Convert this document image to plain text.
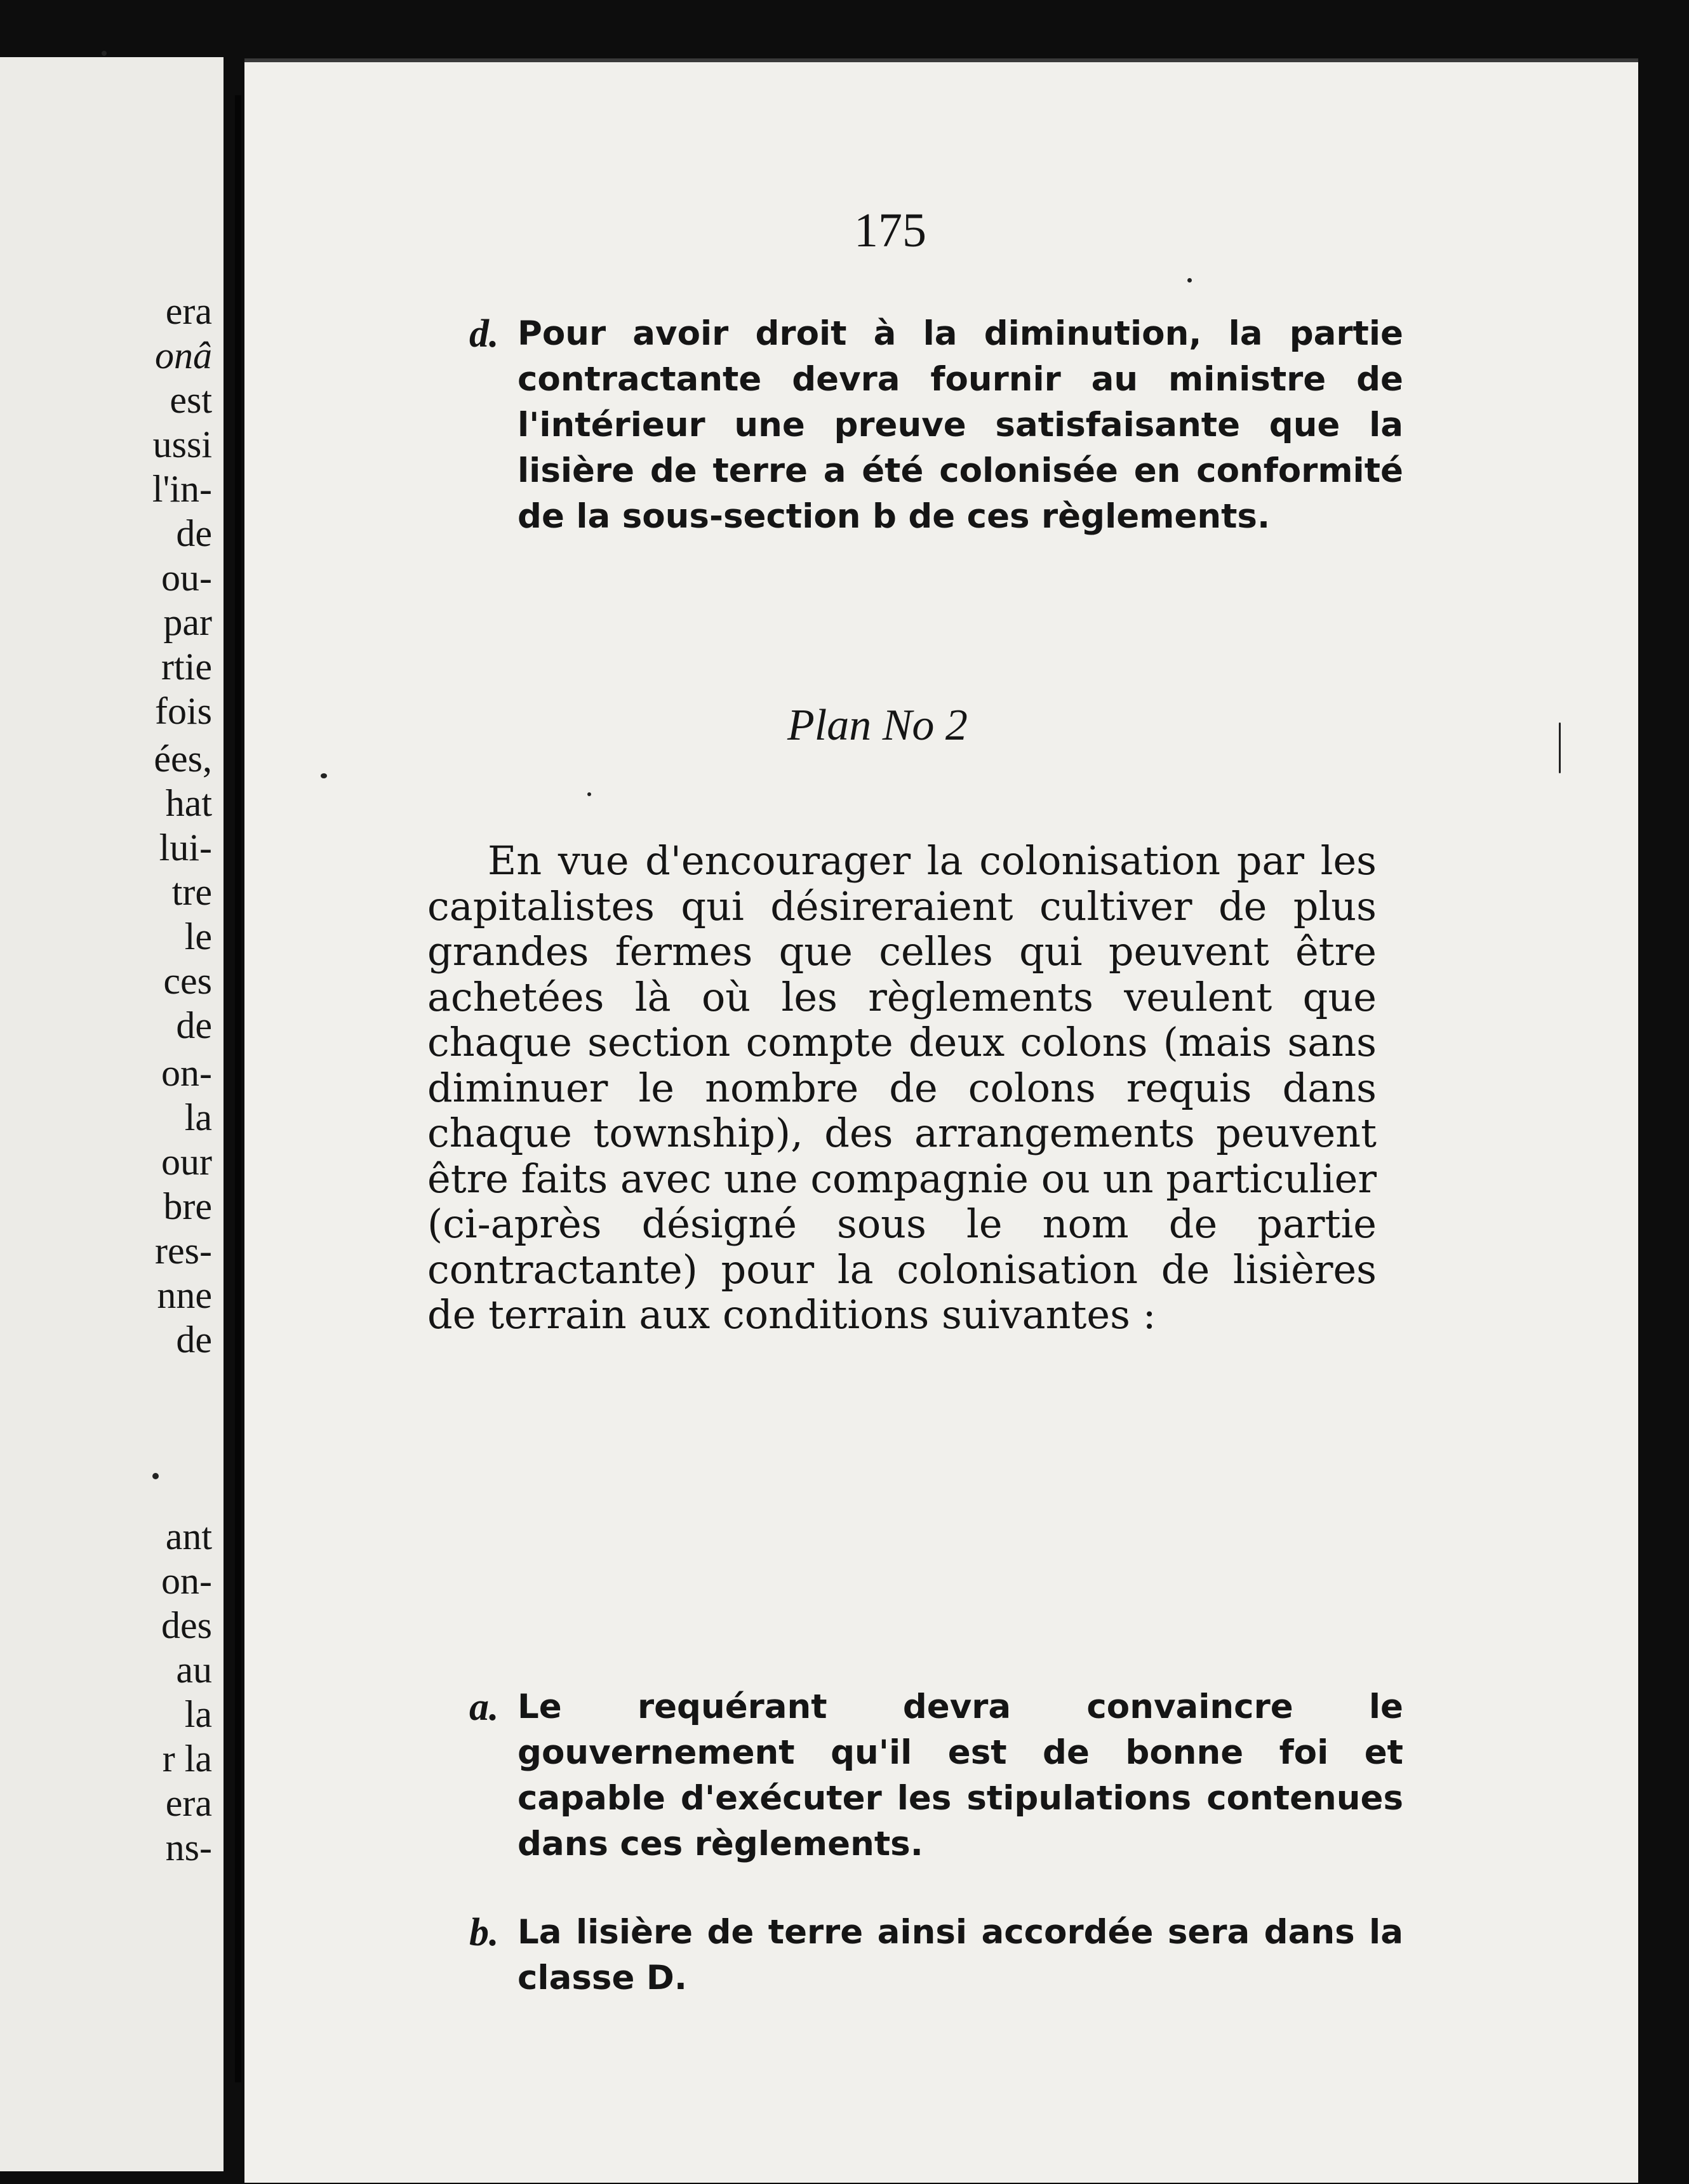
era
onâ
est
ussi
l'in-
de
ou-
par
rtie
fois
ées,
hat
lui-
tre
le
ces
de
on-
la
our
bre
res-
nne
de
ant
on-
des
au
la
r la
era
ns-
175
d. Pour avoir droit à la diminution, la partie contractante devra fournir au ministre de l'intérieur une preuve satisfaisante que la lisière de terre a été colonisée en conformité de la sous-section b de ces règlements.
Plan No 2

En vue d'encourager la colonisation par les capitalistes qui désireraient cultiver de plus grandes fermes que celles qui peuvent être achetées là où les règlements veulent que chaque section compte deux colons (mais sans diminuer le nombre de colons requis dans chaque township), des arrangements peuvent être faits avec une compagnie ou un particulier (ci-après désigné sous le nom de partie contractante) pour la colonisation de lisières de terrain aux conditions suivantes :

a. Le requérant devra convaincre le gouvernement qu'il est de bonne foi et capable d'exécuter les stipulations contenues dans ces règlements.
b. La lisière de terre ainsi accordée sera dans la classe D.
